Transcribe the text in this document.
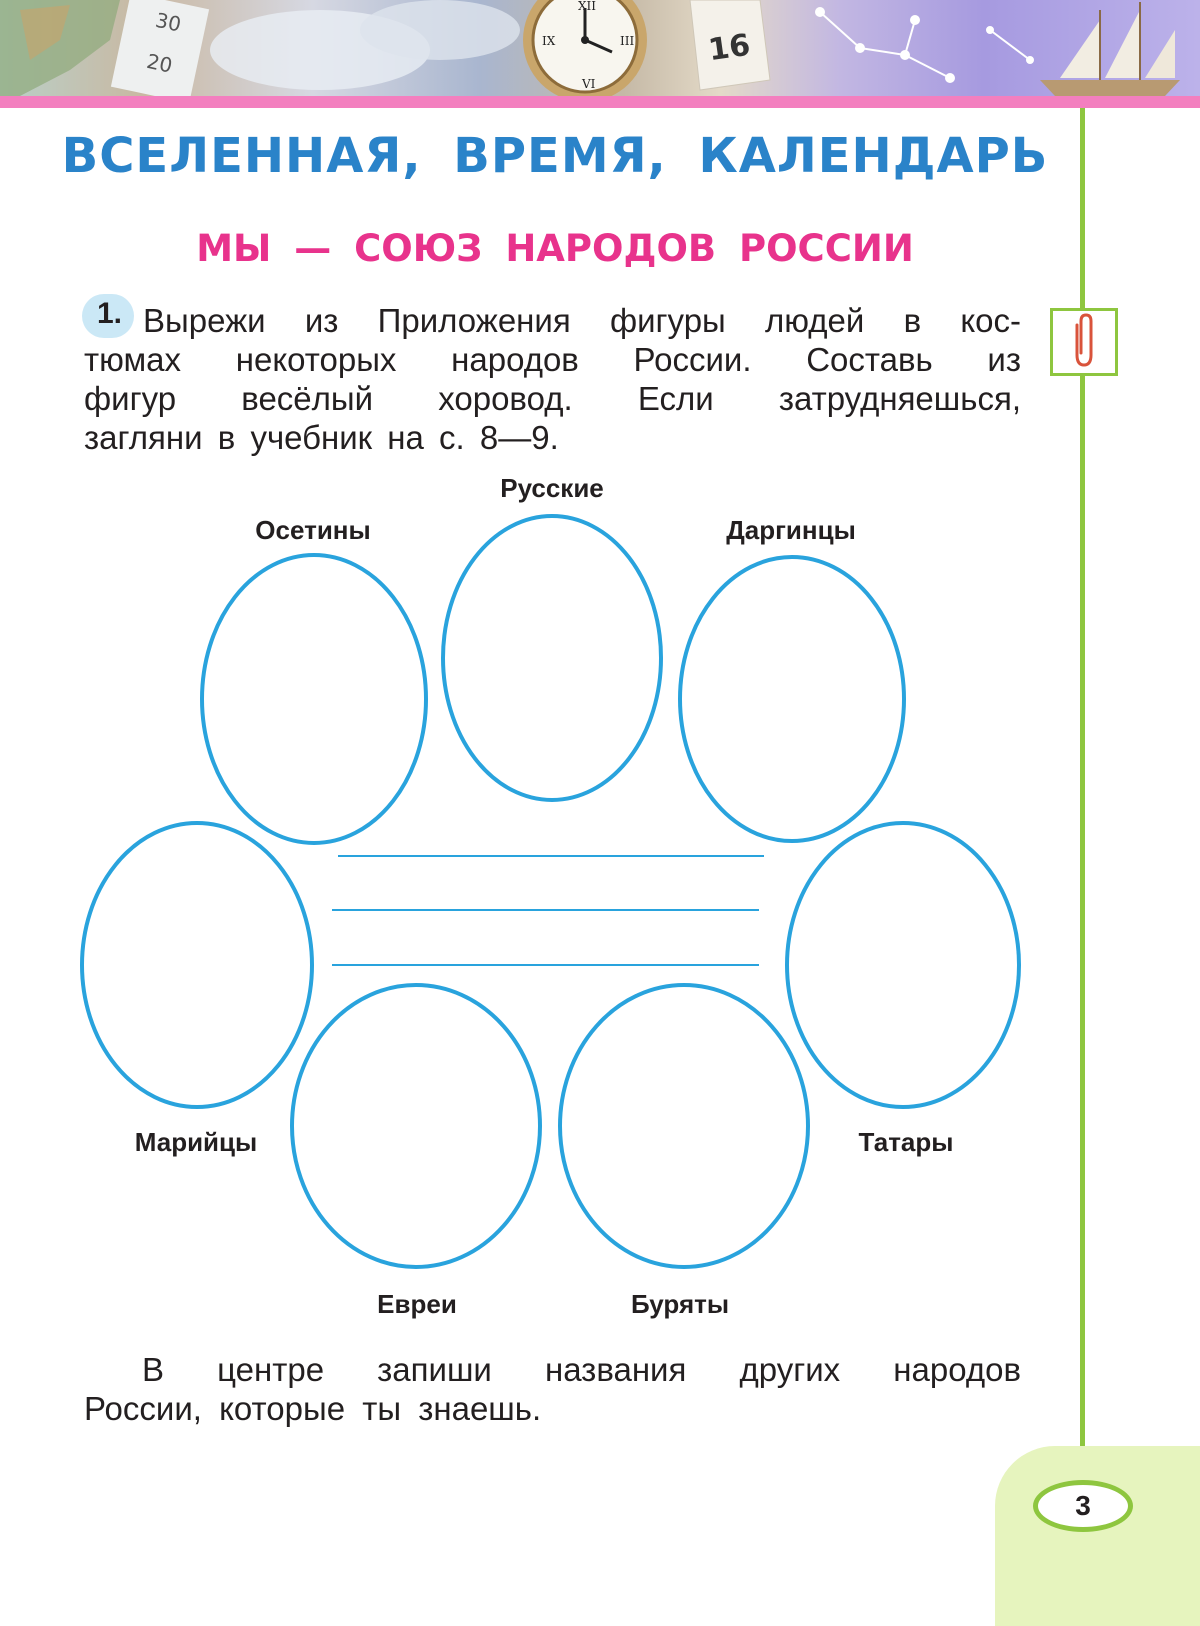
30
20
XII
III
VI
IX	16
ВСЕЛЕННАЯ, ВРЕМЯ, КАЛЕНДАРЬ
МЫ — СОЮЗ НАРОДОВ РОССИИ
1. Вырежи из Приложения фигуры людей в кос-
тюмах некоторых народов России. Составь из
фигур весёлый хоровод. Если затрудняешься,
загляни в учебник на с. 8—9.

Русские
Осетины	Даргинцы
Марийцы	Татары
Евреи	Буряты

В центре запиши названия других народов
России, которые ты знаешь.

3
